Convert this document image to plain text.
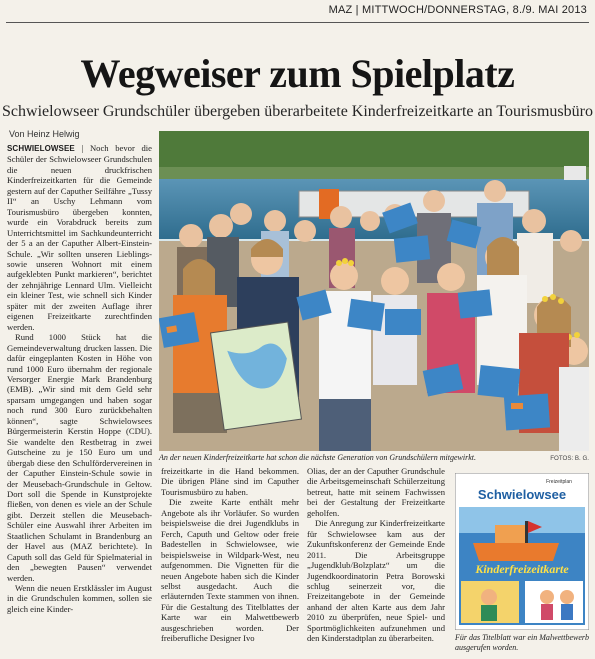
MAZ | MITTWOCH/DONNERSTAG, 8./9. MAI 2013
Wegweiser zum Spielplatz
Schwielowseer Grundschüler übergeben überarbeitete Kinderfreizeitkarte an Tourismusbüro
Von Heinz Helwig

SCHWIELOWSEE | Noch bevor die Schüler der Schwielowseer Grundschulen die neuen druckfrischen Kinderfreizeitkarten für die Gemeinde gestern auf der Caputher Seilfähre „Tussy II“ an Uschy Lehmann vom Tourismusbüro übergeben konnten, wurde ein Vorabdruck bereits zum Unterrichtsmittel im Sachkundeunterricht der 5 a an der Caputher Albert-Einstein-Schule. „Wir sollten unseren Lieblings- sowie unseren Wohnort mit einem aufgeklebten Punkt markieren“, berichtet der zehnjährige Lennard Ulm. Vielleicht ein kleiner Test, wie schnell sich Kinder später mit der zweiten Auflage ihrer eigenen Freizeitkarte zurechtfinden werden.

Rund 1000 Stück hat die Gemeindeverwaltung drucken lassen. Die dafür eingeplanten Kosten in Höhe von rund 1000 Euro übernahm der regionale Versorger Energie Mark Brandenburg (EMB). „Wir sind mit dem Geld sehr sparsam umgegangen und haben sogar noch rund 300 Euro zurückbehalten können“, sagte Schwielowsees Bürgermeisterin Kerstin Hoppe (CDU). Sie wandelte den Restbetrag in zwei Gutscheine zu je 150 Euro um und übergab diese den Schulfördervereinen in der Caputher Einstein-Schule sowie in der Meusebach-Grundschule in Geltow. Dort soll die Spende in Kunstprojekte fließen, von denen es viele an der Schule gibt. Derzeit stellen die Meusebach-Schüler eine Auswahl ihrer Arbeiten im Staatlichen Schulamt in Brandenburg an der Havel aus (MAZ berichtete). In Caputh soll das Geld für Spielmaterial in den „bewegten Pausen“ verwendet werden.

Wenn die neuen Erstklässler im August in die Grundschulen kommen, sollen sie gleich eine Kinder-

An der neuen Kinderfreizeitkarte hat schon die nächste Generation von Grundschülern mitgewirkt.	FOTOS: B. G.

freizeitkarte in die Hand bekommen. Die übrigen Pläne sind im Caputher Tourismusbüro zu haben.

Die zweite Karte enthält mehr Angebote als ihr Vorläufer. So wurden beispielsweise die drei Jugendklubs in Ferch, Caputh und Geltow oder freie Badestellen in Schwielowsee, wie beispielsweise in Wildpark-West, neu aufgenommen. Die Vignetten für die neuen Angebote haben sich die Kinder selbst ausgedacht. Auch die erläuternden Texte stammen von ihnen. Für die Gestaltung des Titelblattes der Karte war ein Malwettbewerb ausgeschrieben worden. Der freiberufliche Designer Ivo

Olias, der an der Caputher Grundschule die Arbeitsgemeinschaft Schülerzeitung betreut, hatte mit seinem Fachwissen bei der Gestaltung der Freizeitkarte geholfen.

Die Anregung zur Kinderfreizeitkarte für Schwielowsee kam aus der Zukunftskonferenz der Gemeinde Ende 2011. Die Arbeitsgruppe „Jugendklub/Bolzplatz“ um die Jugendkoordinatorin Petra Borowski schlug seinerzeit vor, die Freizeitangebote in der Gemeinde anhand der alten Karte aus dem Jahr 2010 zu überprüfen, neue Spiel- und Sportmöglichkeiten aufzunehmen und den Kinderstadtplan zu überarbeiten.

Freizeitplan
Schwielowsee
Kinderfreizeitkarte
Für das Titelblatt war ein Malwettbewerb ausgerufen worden.
